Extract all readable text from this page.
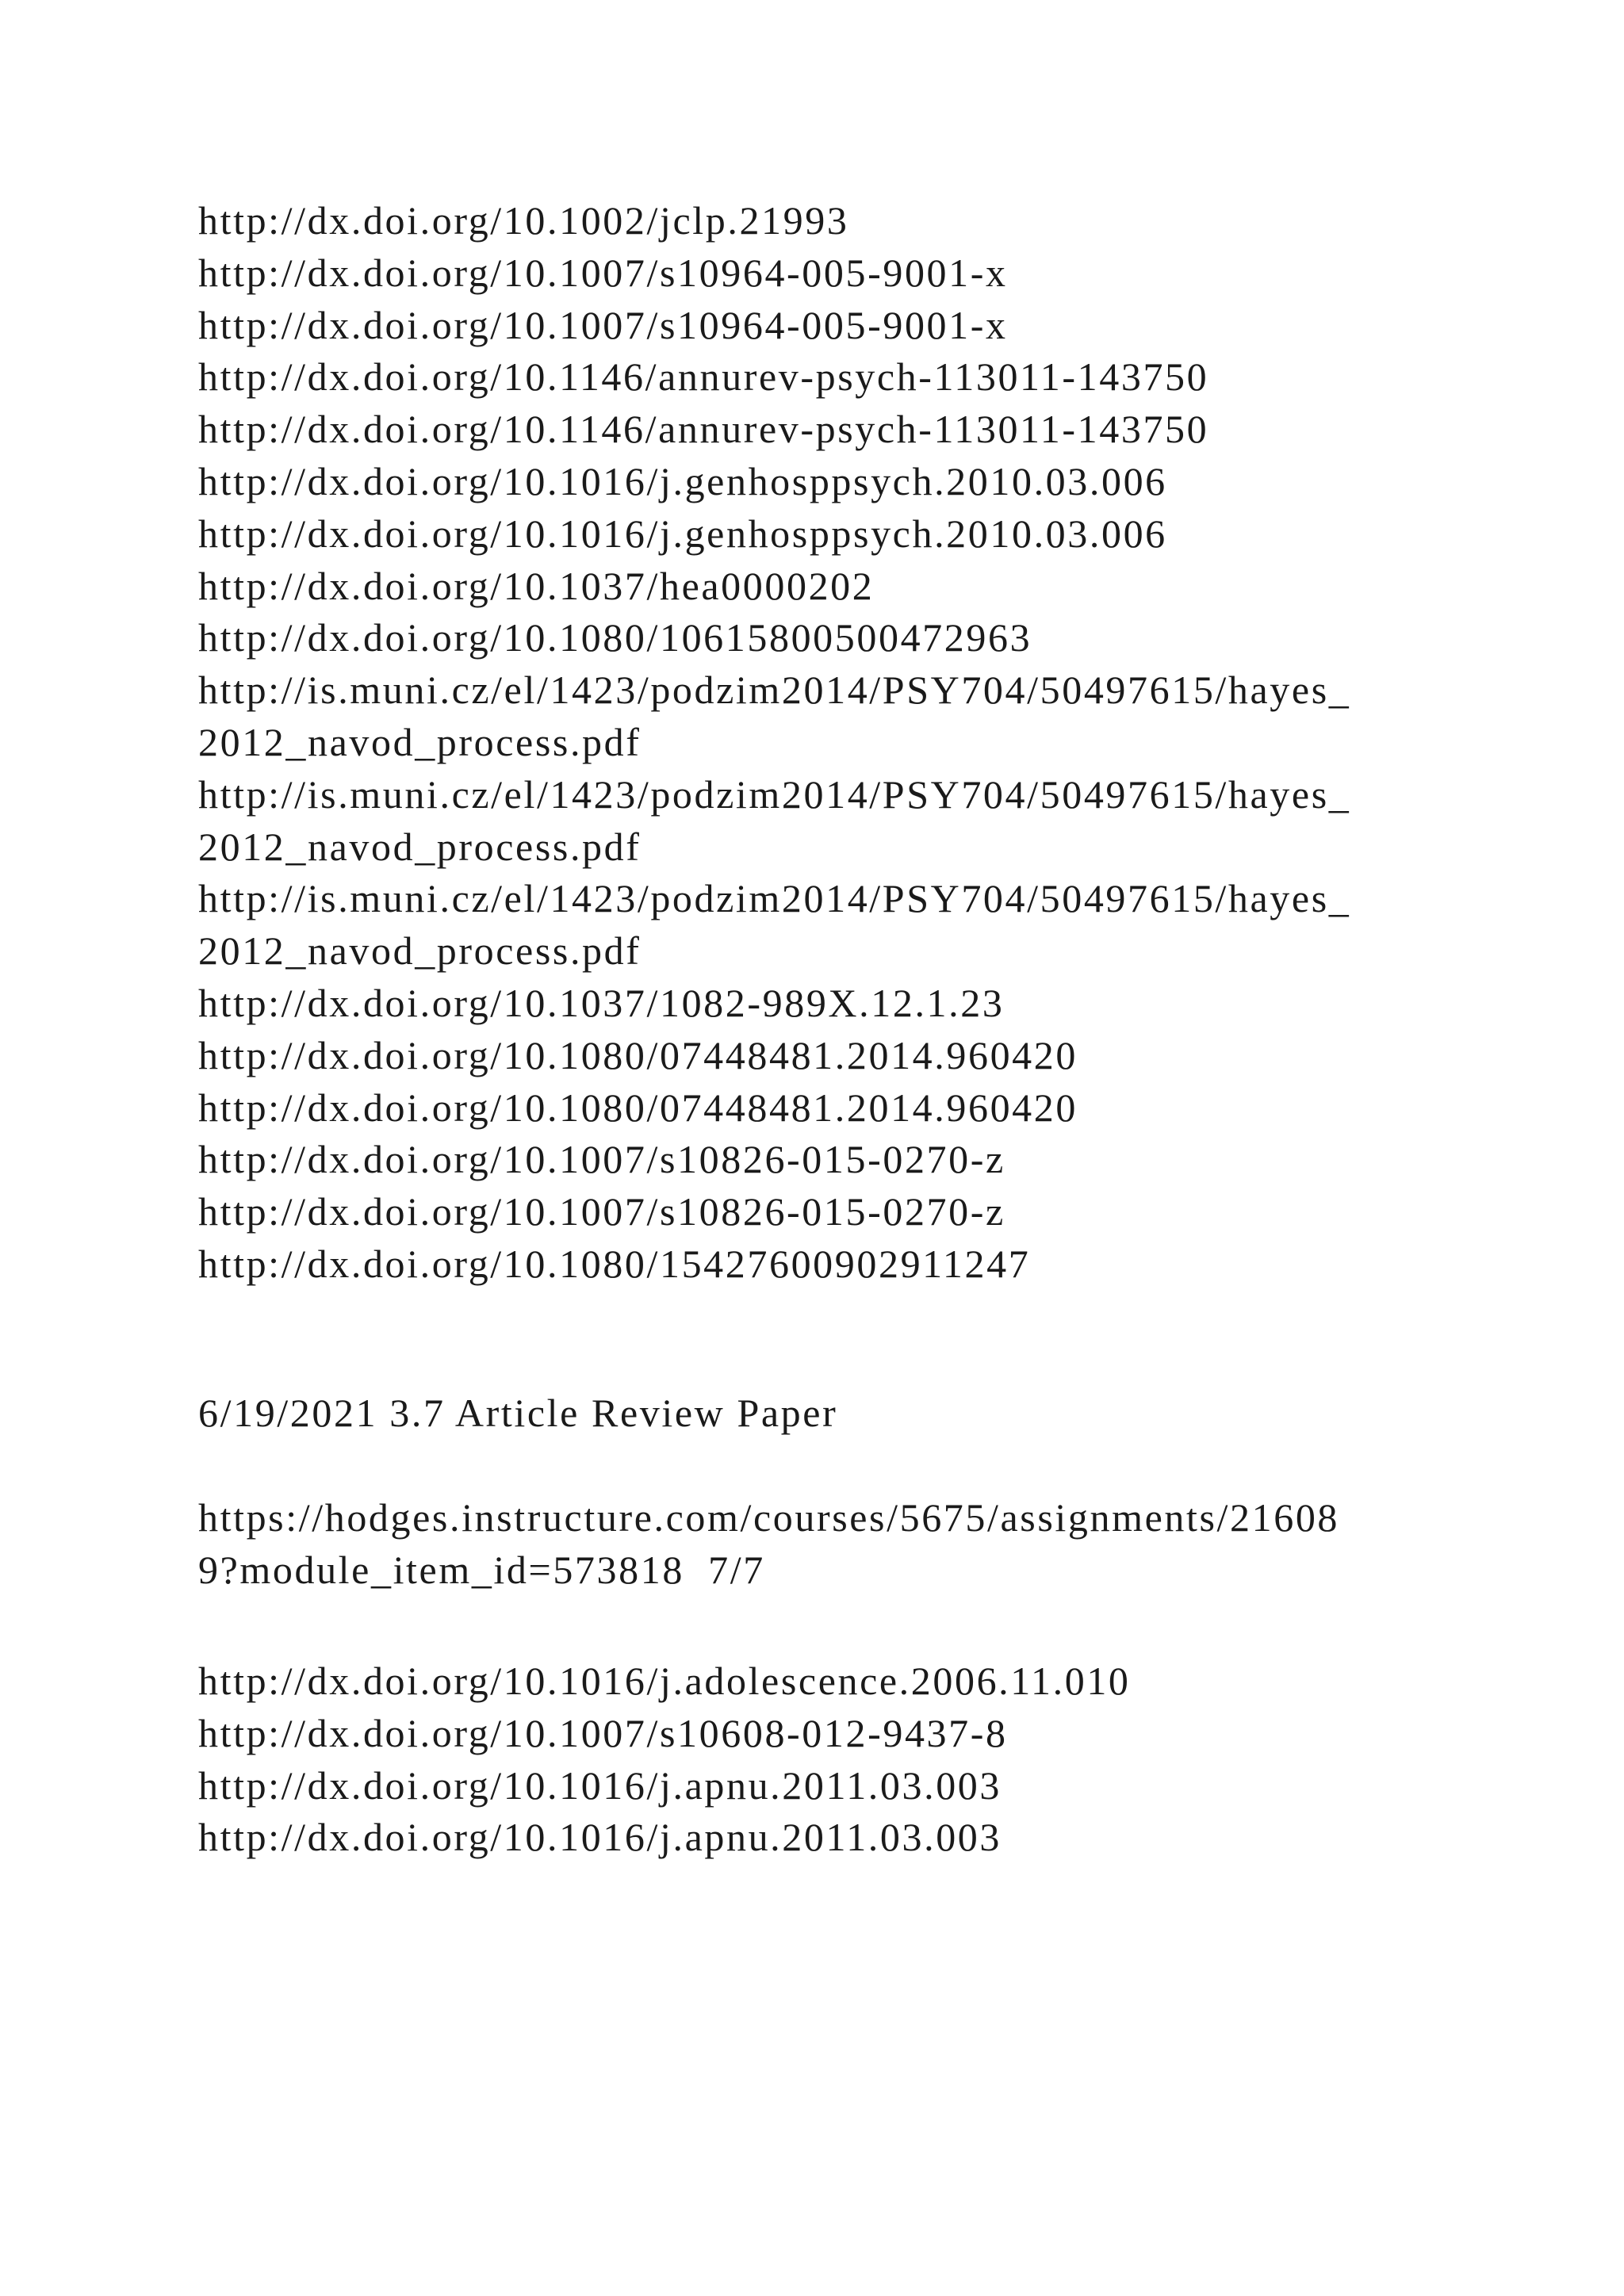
http://dx.doi.org/10.1002/jclp.21993
http://dx.doi.org/10.1007/s10964-005-9001-x
http://dx.doi.org/10.1007/s10964-005-9001-x
http://dx.doi.org/10.1146/annurev-psych-113011-143750
http://dx.doi.org/10.1146/annurev-psych-113011-143750
http://dx.doi.org/10.1016/j.genhosppsych.2010.03.006
http://dx.doi.org/10.1016/j.genhosppsych.2010.03.006
http://dx.doi.org/10.1037/hea0000202
http://dx.doi.org/10.1080/10615800500472963
http://is.muni.cz/el/1423/podzim2014/PSY704/50497615/hayes_
2012_navod_process.pdf
http://is.muni.cz/el/1423/podzim2014/PSY704/50497615/hayes_
2012_navod_process.pdf
http://is.muni.cz/el/1423/podzim2014/PSY704/50497615/hayes_
2012_navod_process.pdf
http://dx.doi.org/10.1037/1082-989X.12.1.23
http://dx.doi.org/10.1080/07448481.2014.960420
http://dx.doi.org/10.1080/07448481.2014.960420
http://dx.doi.org/10.1007/s10826-015-0270-z
http://dx.doi.org/10.1007/s10826-015-0270-z
http://dx.doi.org/10.1080/15427600902911247
6/19/2021 3.7 Article Review Paper
https://hodges.instructure.com/courses/5675/assignments/21608
9?module_item_id=573818  7/7
http://dx.doi.org/10.1016/j.adolescence.2006.11.010
http://dx.doi.org/10.1007/s10608-012-9437-8
http://dx.doi.org/10.1016/j.apnu.2011.03.003
http://dx.doi.org/10.1016/j.apnu.2011.03.003
